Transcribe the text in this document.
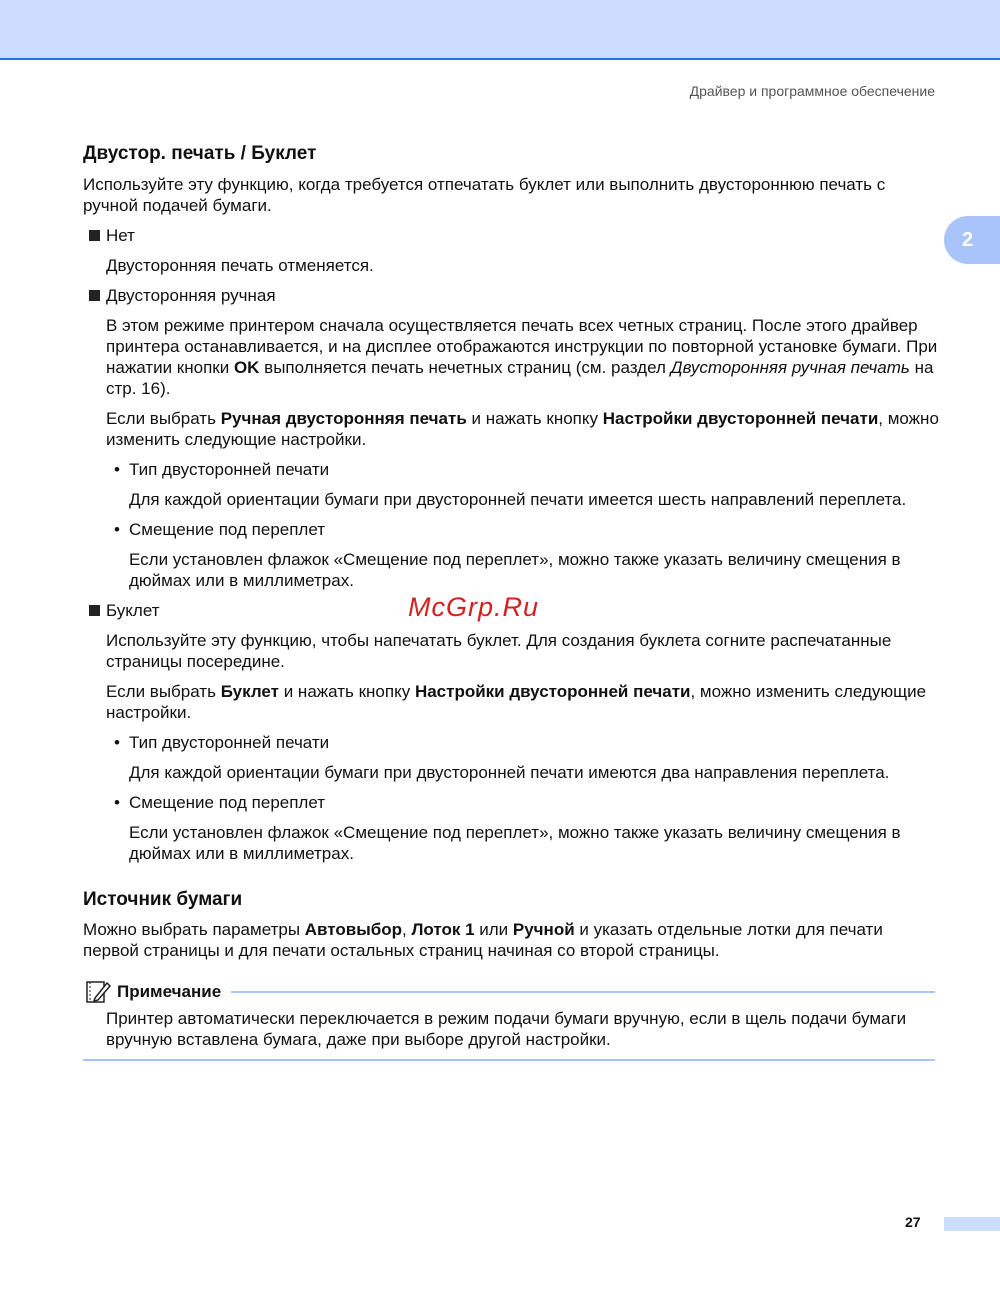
Драйвер и программное обеспечение
2
Двустор. печать / Буклет
Используйте эту функцию, когда требуется отпечатать буклет или выполнить двустороннюю печать с ручной подачей бумаги.
Нет
Двусторонняя печать отменяется.
Двусторонняя ручная
В этом режиме принтером сначала осуществляется печать всех четных страниц. После этого драйвер принтера останавливается, и на дисплее отображаются инструкции по повторной установке бумаги. При нажатии кнопки OK выполняется печать нечетных страниц (см. раздел Двусторонняя ручная печать на стр. 16).
Если выбрать Ручная двусторонняя печать и нажать кнопку Настройки двусторонней печати, можно изменить следующие настройки.
• Тип двусторонней печати
Для каждой ориентации бумаги при двусторонней печати имеется шесть направлений переплета.
• Смещение под переплет
Если установлен флажок «Смещение под переплет», можно также указать величину смещения в дюймах или в миллиметрах.
Буклет	McGrp.Ru
Используйте эту функцию, чтобы напечатать буклет. Для создания буклета согните распечатанные страницы посередине.
Если выбрать Буклет и нажать кнопку Настройки двусторонней печати, можно изменить следующие настройки.
• Тип двусторонней печати
Для каждой ориентации бумаги при двусторонней печати имеются два направления переплета.
• Смещение под переплет
Если установлен флажок «Смещение под переплет», можно также указать величину смещения в дюймах или в миллиметрах.
Источник бумаги
Можно выбрать параметры Автовыбор, Лоток 1 или Ручной и указать отдельные лотки для печати первой страницы и для печати остальных страниц начиная со второй страницы.
Примечание
Принтер автоматически переключается в режим подачи бумаги вручную, если в щель подачи бумаги вручную вставлена бумага, даже при выборе другой настройки.
27
